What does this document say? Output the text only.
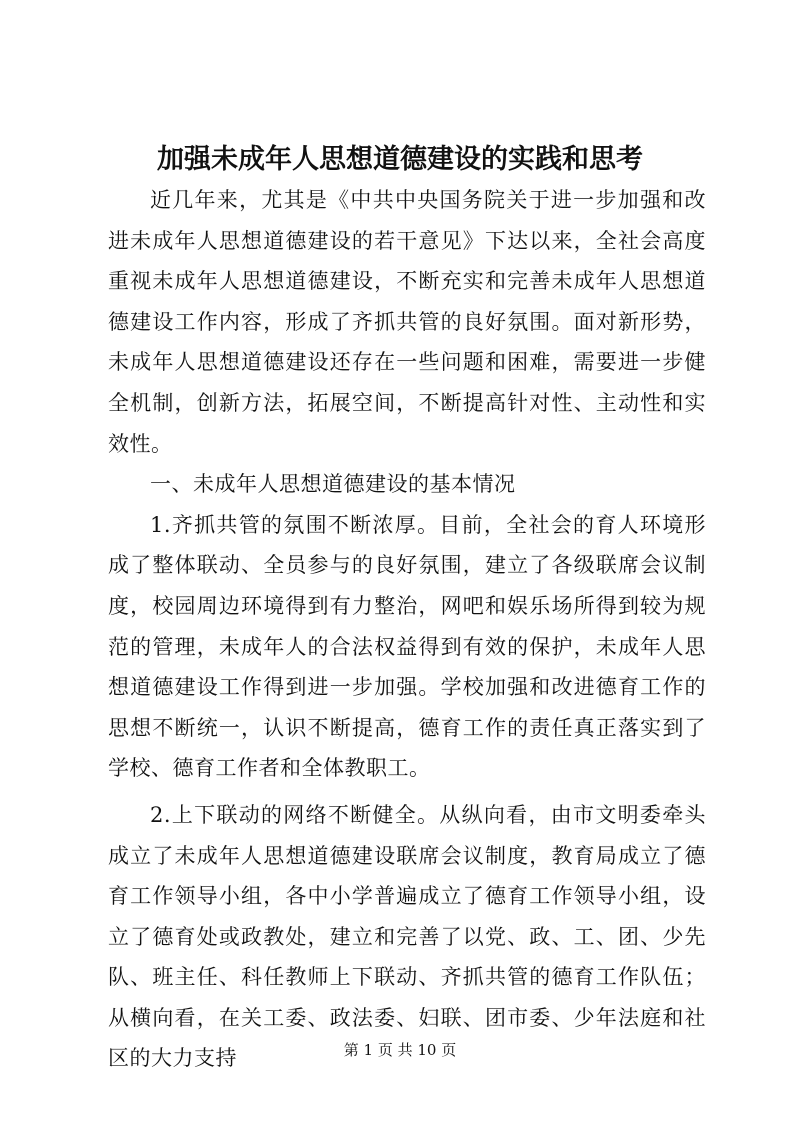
加强未成年人思想道德建设的实践和思考

近几年来，尤其是《中共中央国务院关于进一步加强和改进未成年人思想道德建设的若干意见》下达以来，全社会高度重视未成年人思想道德建设，不断充实和完善未成年人思想道德建设工作内容，形成了齐抓共管的良好氛围。面对新形势，未成年人思想道德建设还存在一些问题和困难，需要进一步健全机制，创新方法，拓展空间，不断提高针对性、主动性和实效性。

一、未成年人思想道德建设的基本情况

1.齐抓共管的氛围不断浓厚。目前，全社会的育人环境形成了整体联动、全员参与的良好氛围，建立了各级联席会议制度，校园周边环境得到有力整治，网吧和娱乐场所得到较为规范的管理，未成年人的合法权益得到有效的保护，未成年人思想道德建设工作得到进一步加强。学校加强和改进德育工作的思想不断统一，认识不断提高，德育工作的责任真正落实到了学校、德育工作者和全体教职工。

2.上下联动的网络不断健全。从纵向看，由市文明委牵头成立了未成年人思想道德建设联席会议制度，教育局成立了德育工作领导小组，各中小学普遍成立了德育工作领导小组，设立了德育处或政教处，建立和完善了以党、政、工、团、少先队、班主任、科任教师上下联动、齐抓共管的德育工作队伍；从横向看，在关工委、政法委、妇联、团市委、少年法庭和社区的大力支持	第 1 页 共 10 页
